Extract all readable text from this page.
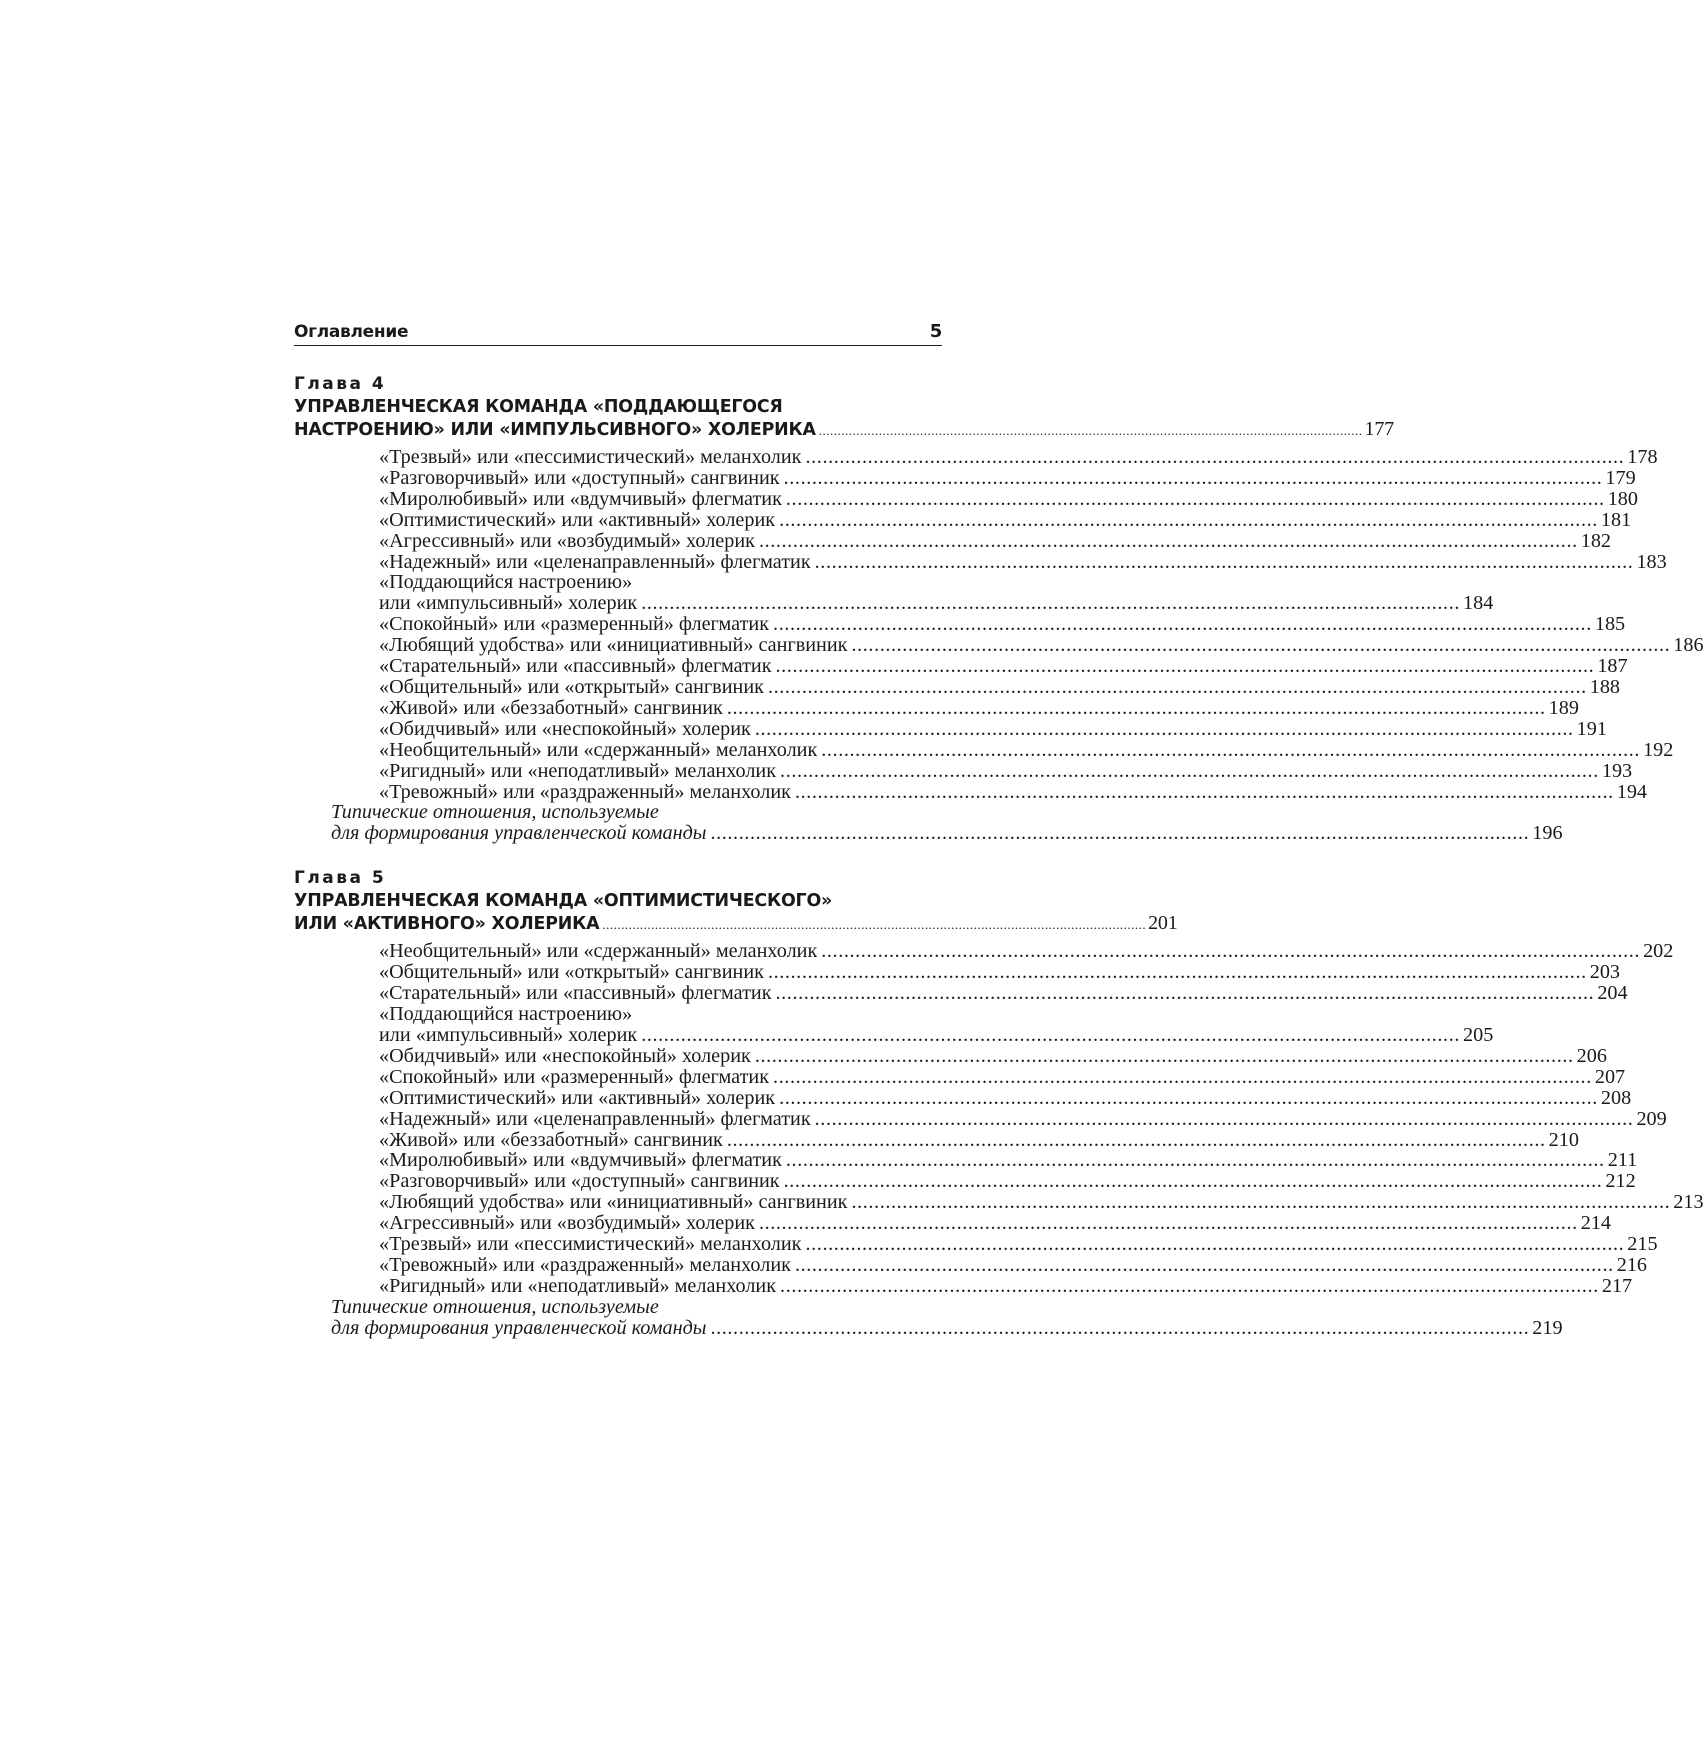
Оглавление	5

Глава 4

УПРАВЛЕНЧЕСКАЯ КОМАНДА «ПОДДАЮЩЕГОСЯ

НАСТРОЕНИЮ» ИЛИ «ИМПУЛЬСИВНОГО» ХОЛЕРИКА ................................................................................................................................................. 177
«Трезвый» или «пессимистический» меланхолик ................................................................................................................................................. 178
«Разговорчивый» или «доступный» сангвиник ................................................................................................................................................. 179
«Миролюбивый» или «вдумчивый» флегматик ................................................................................................................................................. 180
«Оптимистический» или «активный» холерик ................................................................................................................................................. 181
«Агрессивный» или «возбудимый» холерик ................................................................................................................................................. 182
«Надежный» или «целенаправленный» флегматик ................................................................................................................................................. 183
«Поддающийся настроению»
или «импульсивный» холерик ................................................................................................................................................. 184
«Спокойный» или «размеренный» флегматик ................................................................................................................................................. 185
«Любящий удобства» или «инициативный» сангвиник ................................................................................................................................................. 186
«Старательный» или «пассивный» флегматик ................................................................................................................................................. 187
«Общительный» или «открытый» сангвиник ................................................................................................................................................. 188
«Живой» или «беззаботный» сангвиник ................................................................................................................................................. 189
«Обидчивый» или «неспокойный» холерик ................................................................................................................................................. 191
«Необщительный» или «сдержанный» меланхолик ................................................................................................................................................. 192
«Ригидный» или «неподатливый» меланхолик ................................................................................................................................................. 193
«Тревожный» или «раздраженный» меланхолик ................................................................................................................................................. 194
Типические отношения, используемые
для формирования управленческой команды ................................................................................................................................................. 196

Глава 5

УПРАВЛЕНЧЕСКАЯ КОМАНДА «ОПТИМИСТИЧЕСКОГО»

ИЛИ «АКТИВНОГО» ХОЛЕРИКА ................................................................................................................................................. 201
«Необщительный» или «сдержанный» меланхолик ................................................................................................................................................. 202
«Общительный» или «открытый» сангвиник ................................................................................................................................................. 203
«Старательный» или «пассивный» флегматик ................................................................................................................................................. 204
«Поддающийся настроению»
или «импульсивный» холерик ................................................................................................................................................. 205
«Обидчивый» или «неспокойный» холерик ................................................................................................................................................. 206
«Спокойный» или «размеренный» флегматик ................................................................................................................................................. 207
«Оптимистический» или «активный» холерик ................................................................................................................................................. 208
«Надежный» или «целенаправленный» флегматик ................................................................................................................................................. 209
«Живой» или «беззаботный» сангвиник ................................................................................................................................................. 210
«Миролюбивый» или «вдумчивый» флегматик ................................................................................................................................................. 211
«Разговорчивый» или «доступный» сангвиник ................................................................................................................................................. 212
«Любящий удобства» или «инициативный» сангвиник ................................................................................................................................................. 213
«Агрессивный» или «возбудимый» холерик ................................................................................................................................................. 214
«Трезвый» или «пессимистический» меланхолик ................................................................................................................................................. 215
«Тревожный» или «раздраженный» меланхолик ................................................................................................................................................. 216
«Ригидный» или «неподатливый» меланхолик ................................................................................................................................................. 217
Типические отношения, используемые
для формирования управленческой команды ................................................................................................................................................. 219
